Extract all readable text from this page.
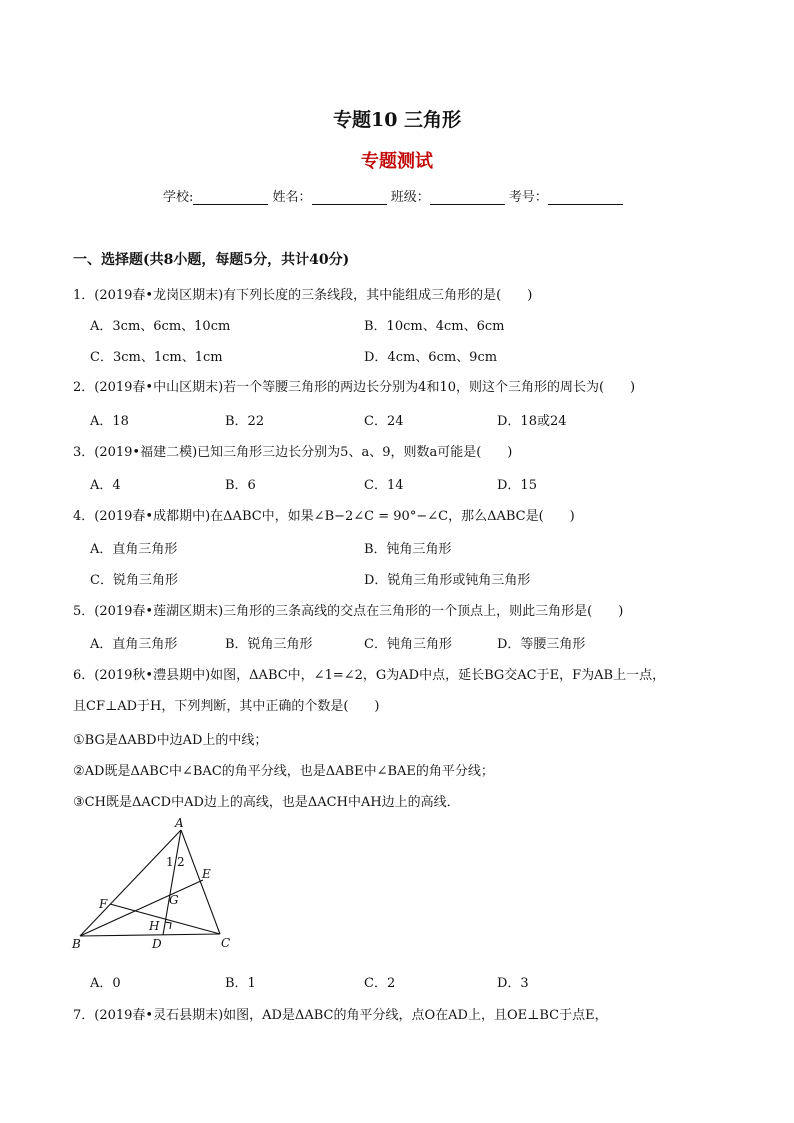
专题10 三角形
专题测试
学校:	姓名：	班级：	考号：
一、选择题(共8小题，每题5分，共计40分)
1．(2019春•龙岗区期末)有下列长度的三条线段，其中能组成三角形的是(　　)
A．3cm、6cm、10cm	B．10cm、4cm、6cm
C．3cm、1cm、1cm	D．4cm、6cm、9cm
2．(2019春•中山区期末)若一个等腰三角形的两边长分别为4和10，则这个三角形的周长为(　　)
A．18	B．22	C．24	D．18或24
3．(2019•福建二模)已知三角形三边长分别为5、a、9，则数a可能是(　　)
A．4	B．6	C．14	D．15
4．(2019春•成都期中)在ΔABC中，如果∠B−2∠C = 90°−∠C，那么ΔABC是(　　)
A．直角三角形	B．钝角三角形
C．锐角三角形	D．锐角三角形或钝角三角形
5．(2019春•莲湖区期末)三角形的三条高线的交点在三角形的一个顶点上，则此三角形是(　　)
A．直角三角形	B．锐角三角形	C．钝角三角形	D．等腰三角形
6．(2019秋•澧县期中)如图，ΔABC中，∠1=∠2，G为AD中点，延长BG交AC于E，F为AB上一点，
且CF⊥AD于H，下列判断，其中正确的个数是(　　)
①BG是ΔABD中边AD上的中线；
②AD既是ΔABC中∠BAC的角平分线，也是ΔABE中∠BAE的角平分线；
③CH既是ΔACD中AD边上的高线，也是ΔACH中AH边上的高线．
A
B	C
D
E
F	G
H
1 2
A．0	B．1	C．2	D．3
7．(2019春•灵石县期末)如图，AD是ΔABC的角平分线，点O在AD上，且OE⊥BC于点E，
